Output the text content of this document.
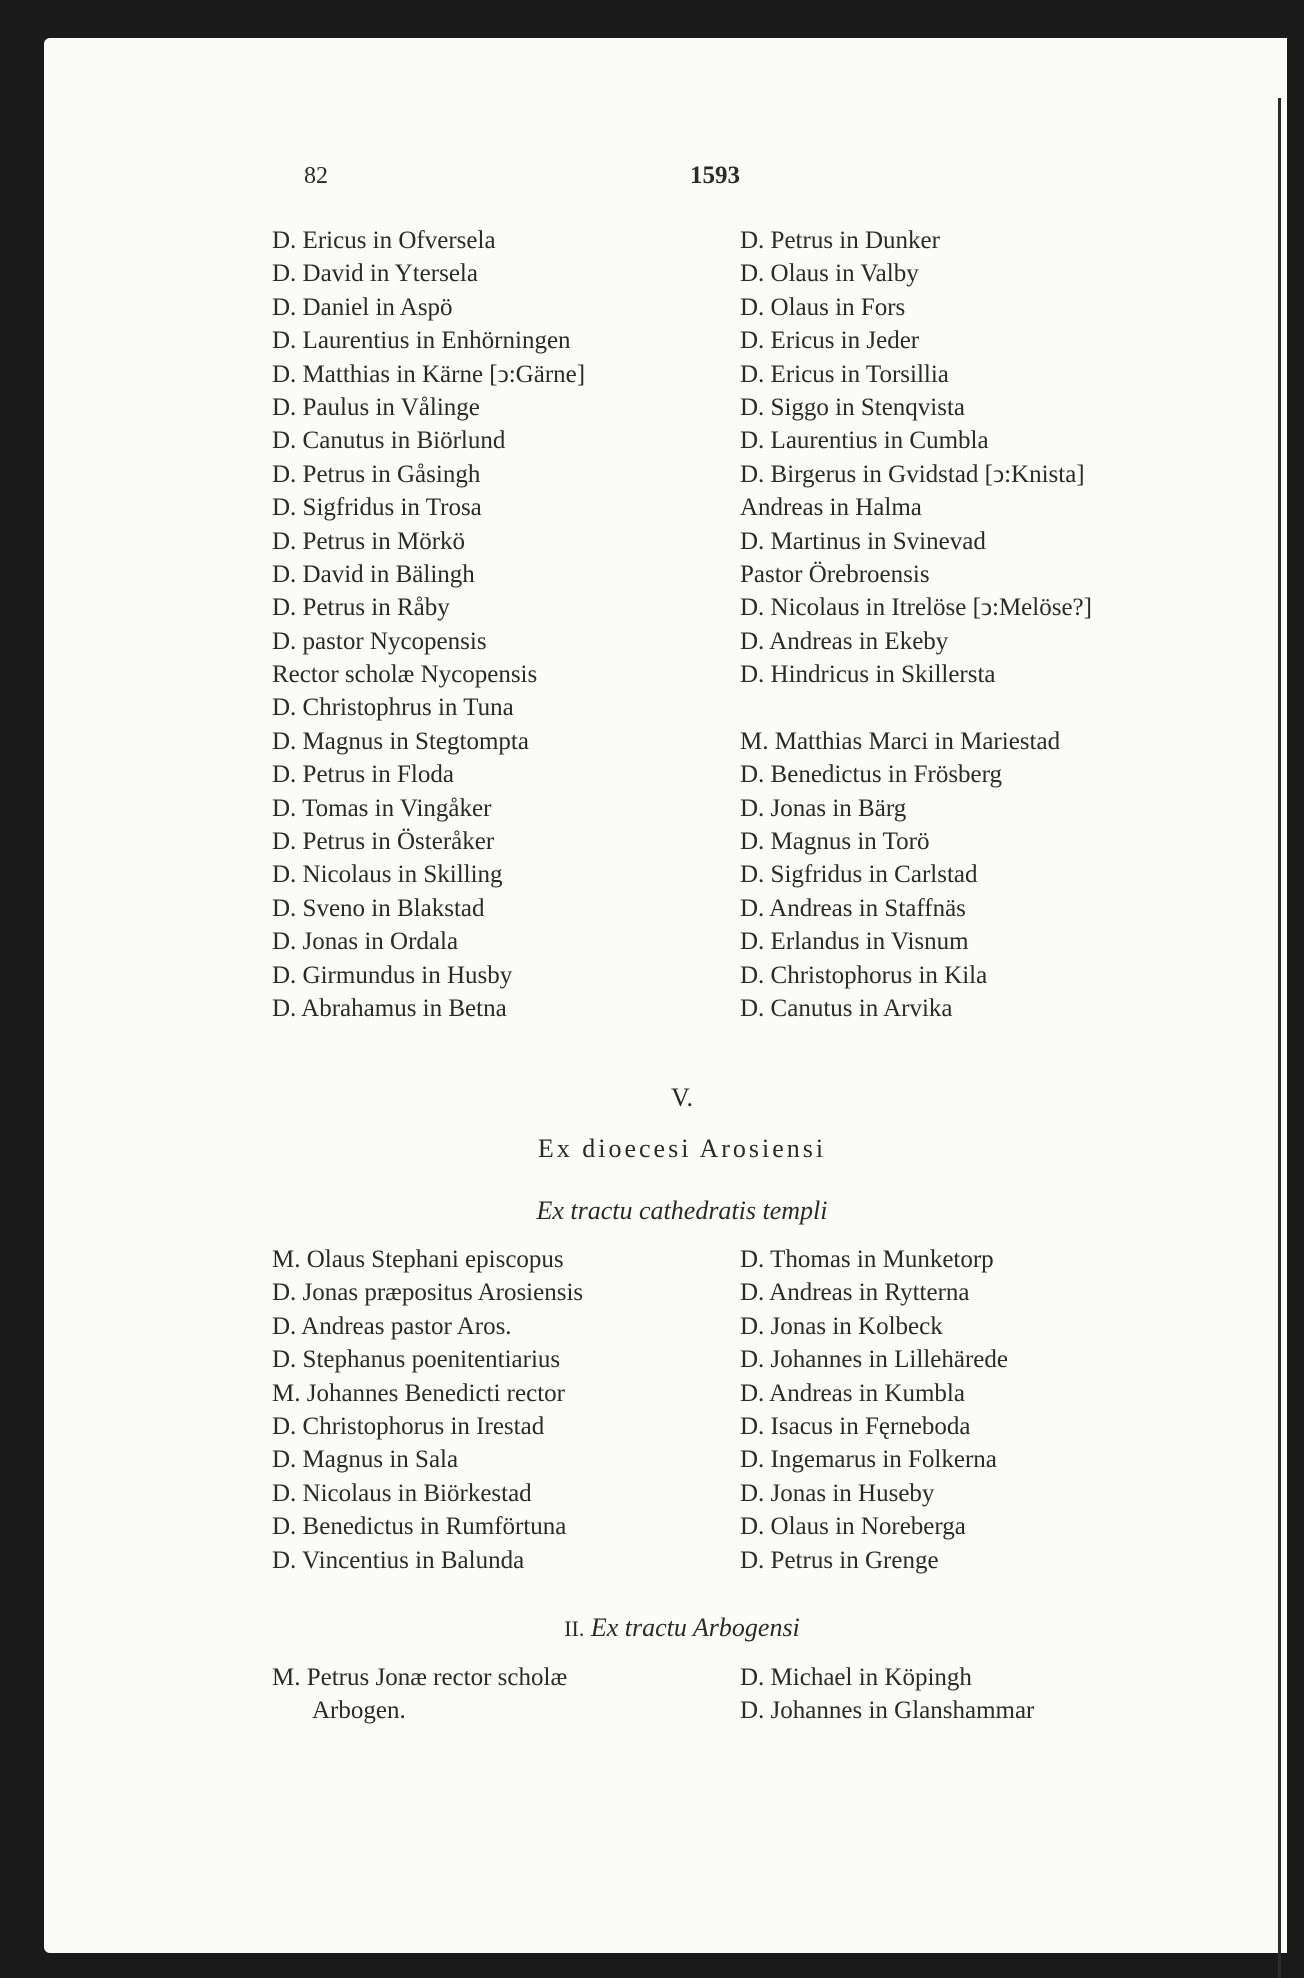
82	1593
D. Ericus in Ofversela
D. David in Ytersela
D. Daniel in Aspö
D. Laurentius in Enhörningen
D. Matthias in Kärne [ↄ:Gärne]
D. Paulus in Vålinge
D. Canutus in Biörlund
D. Petrus in Gåsingh
D. Sigfridus in Trosa
D. Petrus in Mörkö
D. David in Bälingh
D. Petrus in Råby
D. pastor Nycopensis
Rector scholæ Nycopensis
D. Christophrus in Tuna
D. Magnus in Stegtompta
D. Petrus in Floda
D. Tomas in Vingåker
D. Petrus in Österåker
D. Nicolaus in Skilling
D. Sveno in Blakstad
D. Jonas in Ordala
D. Girmundus in Husby
D. Abrahamus in Betna
D. Petrus in Dunker
D. Olaus in Valby
D. Olaus in Fors
D. Ericus in Jeder
D. Ericus in Torsillia
D. Siggo in Stenqvista
D. Laurentius in Cumbla
D. Birgerus in Gvidstad [ↄ:Knista]
Andreas in Halma
D. Martinus in Svinevad
Pastor Örebroensis
D. Nicolaus in Itrelöse [ↄ:Melöse?]
D. Andreas in Ekeby
D. Hindricus in Skillersta
M. Matthias Marci in Mariestad
D. Benedictus in Frösberg
D. Jonas in Bärg
D. Magnus in Torö
D. Sigfridus in Carlstad
D. Andreas in Staffnäs
D. Erlandus in Visnum
D. Christophorus in Kila
D. Canutus in Arvika
V.
Ex dioecesi Arosiensi
Ex tractu cathedratis templi
M. Olaus Stephani episcopus
D. Jonas præpositus Arosiensis
D. Andreas pastor Aros.
D. Stephanus poenitentiarius
M. Johannes Benedicti rector
D. Christophorus in Irestad
D. Magnus in Sala
D. Nicolaus in Biörkestad
D. Benedictus in Rumförtuna
D. Vincentius in Balunda
D. Thomas in Munketorp
D. Andreas in Rytterna
D. Jonas in Kolbeck
D. Johannes in Lillehärede
D. Andreas in Kumbla
D. Isacus in Fęrneboda
D. Ingemarus in Folkerna
D. Jonas in Huseby
D. Olaus in Noreberga
D. Petrus in Grenge
II. Ex tractu Arbogensi
M. Petrus Jonæ rector scholæ
Arbogen.
D. Michael in Köpingh
D. Johannes in Glanshammar
